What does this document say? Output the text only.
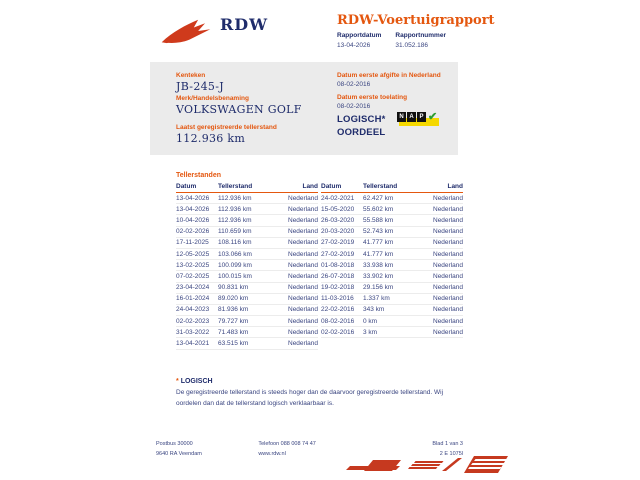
RDW	RDW-Voertuigrapport
Rapportdatum
13-04-2026
Rapportnummer
31.052.186
Kenteken
JB-245-J
Merk/Handelsbenaming
VOLKSWAGEN GOLF
Laatst geregistreerde tellerstand
112.936 km
Datum eerste afgifte in Nederland
08-02-2016
Datum eerste toelating
08-02-2016
LOGISCH*
OORDEEL
N A P ✔
Tellerstanden
Datum	Tellerstand	Land
13-04-2026	112.936 km	Nederland
13-04-2026	112.936 km	Nederland
10-04-2026	112.936 km	Nederland
02-02-2026	110.659 km	Nederland
17-11-2025	108.116 km	Nederland
12-05-2025	103.066 km	Nederland
13-02-2025	100.099 km	Nederland
07-02-2025	100.015 km	Nederland
23-04-2024	90.831 km	Nederland
16-01-2024	89.020 km	Nederland
24-04-2023	81.936 km	Nederland
02-02-2023	79.727 km	Nederland
31-03-2022	71.483 km	Nederland
13-04-2021	63.515 km	Nederland
Datum	Tellerstand	Land
24-02-2021	62.427 km	Nederland
15-05-2020	55.602 km	Nederland
26-03-2020	55.588 km	Nederland
20-03-2020	52.743 km	Nederland
27-02-2019	41.777 km	Nederland
27-02-2019	41.777 km	Nederland
01-08-2018	33.938 km	Nederland
26-07-2018	33.902 km	Nederland
19-02-2018	29.156 km	Nederland
11-03-2016	1.337 km	Nederland
22-02-2016	343 km	Nederland
08-02-2016	0 km	Nederland
02-02-2016	3 km	Nederland
* LOGISCH
De geregistreerde tellerstand is steeds hoger dan de daarvoor geregistreerde tellerstand. Wij oordelen dan dat de tellerstand logisch verklaarbaar is.
Postbus 30000
9640 RA Veendam
Telefoon 088 008 74 47
www.rdw.nl
Blad 1 van 3
2 E 1075l
